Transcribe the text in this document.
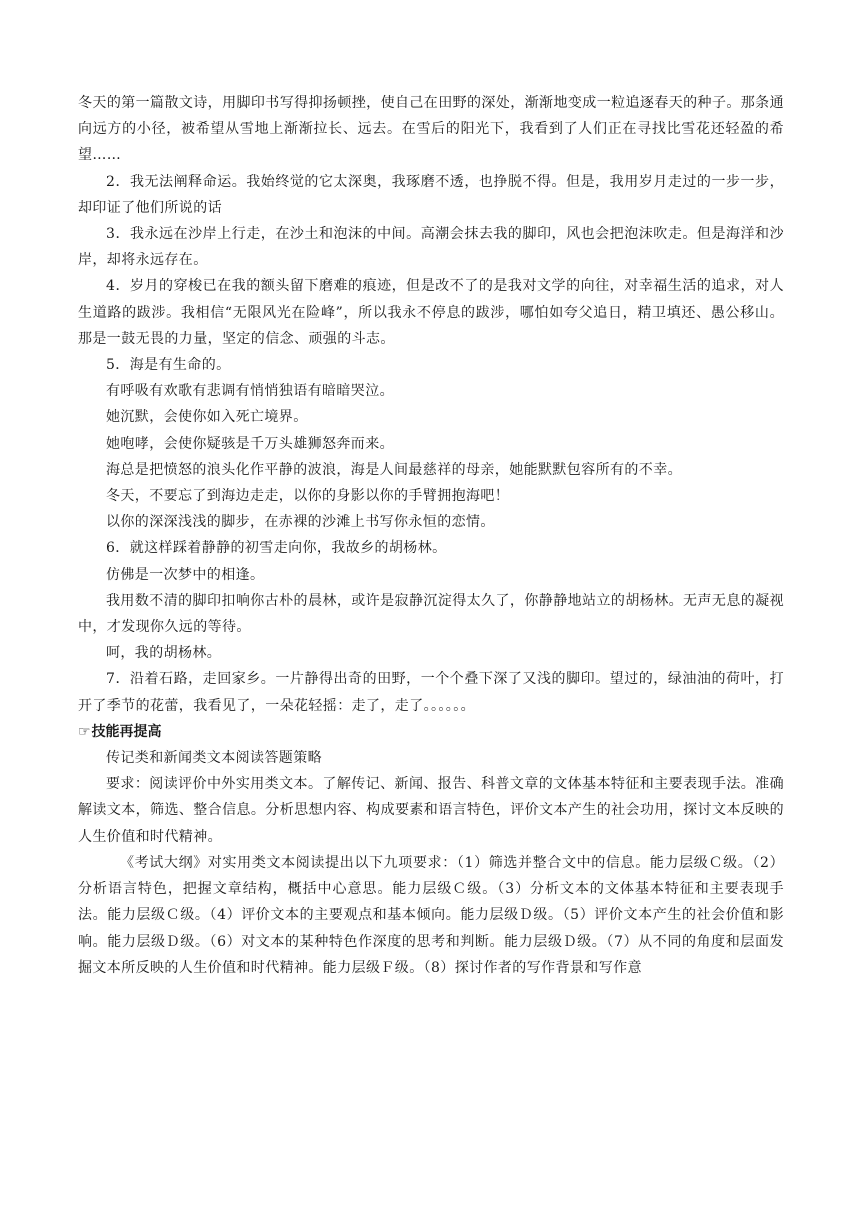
冬天的第一篇散文诗，用脚印书写得抑扬顿挫，使自己在田野的深处，渐渐地变成一粒追逐春天的种子。那条通向远方的小径，被希望从雪地上渐渐拉长、远去。在雪后的阳光下，我看到了人们正在寻找比雪花还轻盈的希望……

2．我无法阐释命运。我始终觉的它太深奥，我琢磨不透，也挣脱不得。但是，我用岁月走过的一步一步，却印证了他们所说的话

3．我永远在沙岸上行走，在沙土和泡沫的中间。高潮会抹去我的脚印，风也会把泡沫吹走。但是海洋和沙岸，却将永远存在。

4．岁月的穿梭已在我的额头留下磨难的痕迹，但是改不了的是我对文学的向往，对幸福生活的追求，对人生道路的跋涉。我相信“无限风光在险峰”，所以我永不停息的跋涉，哪怕如夸父追日，精卫填还、愚公移山。那是一鼓无畏的力量，坚定的信念、顽强的斗志。

5．海是有生命的。

有呼吸有欢歌有悲调有悄悄独语有暗暗哭泣。

她沉默，会使你如入死亡境界。

她咆哮，会使你疑骇是千万头雄狮怒奔而来。

海总是把愤怒的浪头化作平静的波浪，海是人间最慈祥的母亲，她能默默包容所有的不幸。

冬天，不要忘了到海边走走，以你的身影以你的手臂拥抱海吧！

以你的深深浅浅的脚步，在赤裸的沙滩上书写你永恒的恋情。

6．就这样踩着静静的初雪走向你，我故乡的胡杨林。

仿佛是一次梦中的相逢。

我用数不清的脚印扣响你古朴的晨林，或许是寂静沉淀得太久了，你静静地站立的胡杨林。无声无息的凝视中，才发现你久远的等待。

呵，我的胡杨林。

7．沿着石路，走回家乡。一片静得出奇的田野，一个个叠下深了又浅的脚印。望过的，绿油油的荷叶，打开了季节的花蕾，我看见了，一朵花轻摇：走了，走了。。。。。。

☞技能再提高

传记类和新闻类文本阅读答题策略

要求：阅读评价中外实用类文本。了解传记、新闻、报告、科普文章的文体基本特征和主要表现手法。准确解读文本，筛选、整合信息。分析思想内容、构成要素和语言特色，评价文本产生的社会功用，探讨文本反映的人生价值和时代精神。

《考试大纲》对实用类文本阅读提出以下九项要求：（1）筛选并整合文中的信息。能力层级Ｃ级。（2）分析语言特色，把握文章结构，概括中心意思。能力层级Ｃ级。（3）分析文本的文体基本特征和主要表现手法。能力层级Ｃ级。（4）评价文本的主要观点和基本倾向。能力层级Ｄ级。（5）评价文本产生的社会价值和影响。能力层级Ｄ级。（6）对文本的某种特色作深度的思考和判断。能力层级Ｄ级。（7）从不同的角度和层面发掘文本所反映的人生价值和时代精神。能力层级Ｆ级。（8）探讨作者的写作背景和写作意
